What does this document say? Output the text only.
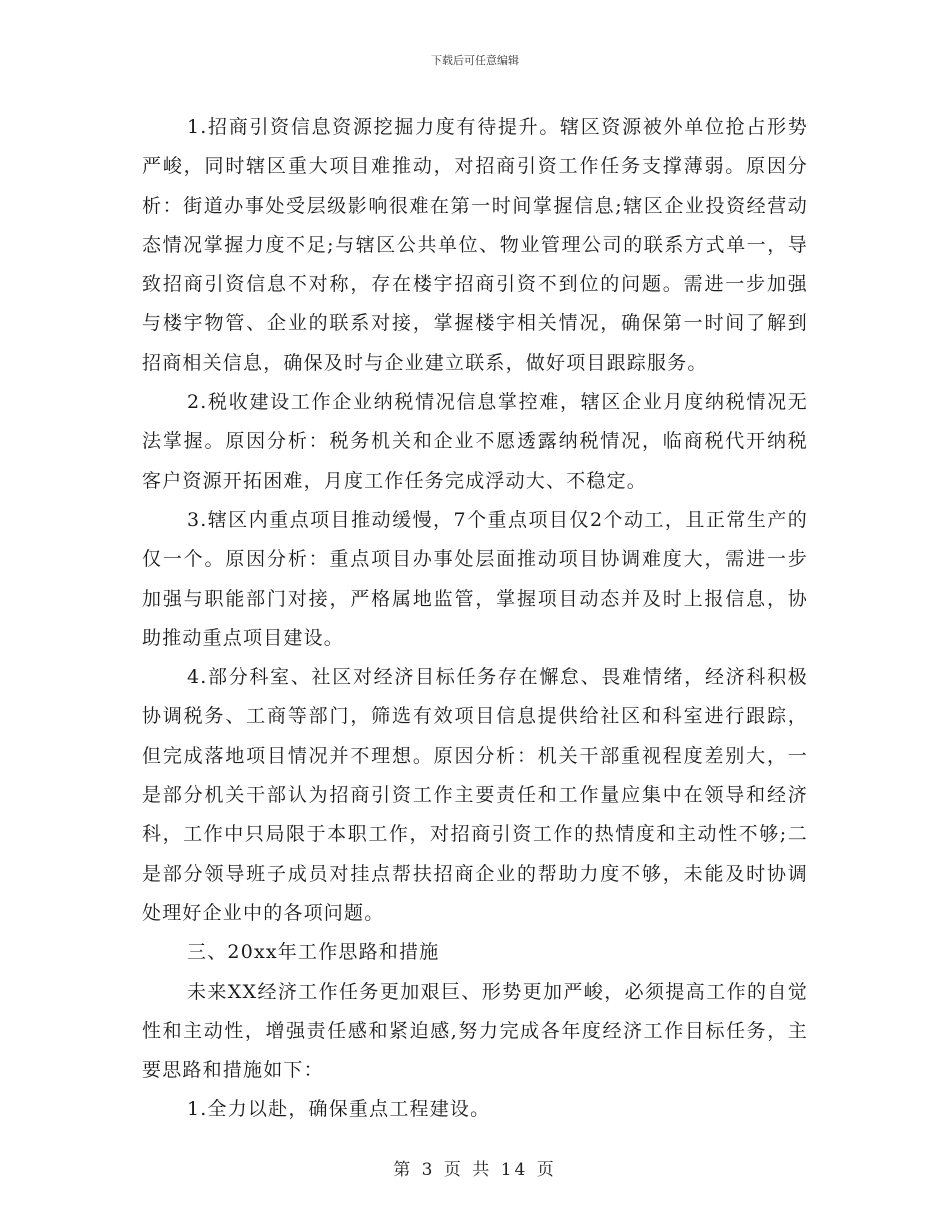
下载后可任意编辑

1.招商引资信息资源挖掘力度有待提升。辖区资源被外单位抢占形势严峻，同时辖区重大项目难推动，对招商引资工作任务支撑薄弱。原因分析：街道办事处受层级影响很难在第一时间掌握信息;辖区企业投资经营动态情况掌握力度不足;与辖区公共单位、物业管理公司的联系方式单一，导致招商引资信息不对称，存在楼宇招商引资不到位的问题。需进一步加强与楼宇物管、企业的联系对接，掌握楼宇相关情况，确保第一时间了解到招商相关信息，确保及时与企业建立联系，做好项目跟踪服务。

2.税收建设工作企业纳税情况信息掌控难，辖区企业月度纳税情况无法掌握。原因分析：税务机关和企业不愿透露纳税情况，临商税代开纳税客户资源开拓困难，月度工作任务完成浮动大、不稳定。

3.辖区内重点项目推动缓慢，7个重点项目仅2个动工，且正常生产的仅一个。原因分析：重点项目办事处层面推动项目协调难度大，需进一步加强与职能部门对接，严格属地监管，掌握项目动态并及时上报信息，协助推动重点项目建设。

4.部分科室、社区对经济目标任务存在懈怠、畏难情绪，经济科积极协调税务、工商等部门，筛选有效项目信息提供给社区和科室进行跟踪，但完成落地项目情况并不理想。原因分析：机关干部重视程度差别大，一是部分机关干部认为招商引资工作主要责任和工作量应集中在领导和经济科，工作中只局限于本职工作，对招商引资工作的热情度和主动性不够;二是部分领导班子成员对挂点帮扶招商企业的帮助力度不够，未能及时协调处理好企业中的各项问题。

三、20xx年工作思路和措施

未来XX经济工作任务更加艰巨、形势更加严峻，必须提高工作的自觉性和主动性，增强责任感和紧迫感,努力完成各年度经济工作目标任务，主要思路和措施如下：

1.全力以赴，确保重点工程建设。

第 3 页 共 14 页
